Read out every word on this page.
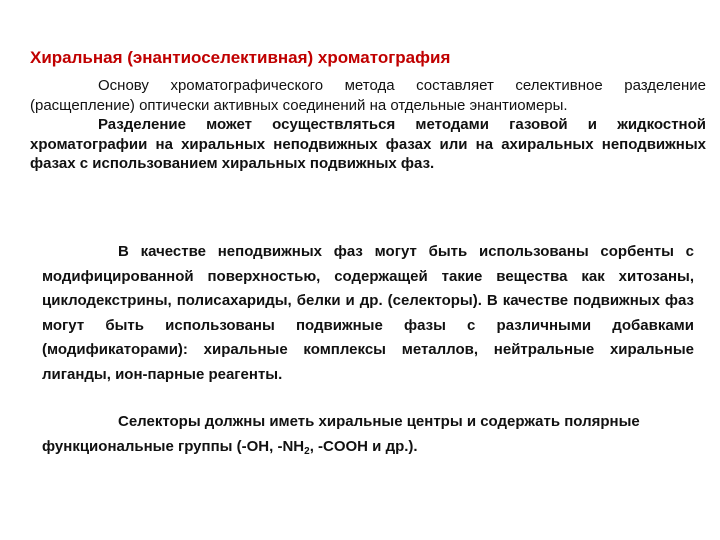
Хиральная (энантиоселективная) хроматография

Основу хроматографического метода составляет селективное разделение (расщепление) оптически активных соединений на отдельные энантиомеры.

Разделение может осуществляться методами газовой и жидкостной хроматографии на хиральных неподвижных фазах или на ахиральных неподвижных фазах с использованием хиральных подвижных фаз.

В качестве неподвижных фаз могут быть использованы сорбенты с модифицированной поверхностью, содержащей такие вещества как хитозаны, циклодекстрины, полисахариды, белки и др. (селекторы). В качестве подвижных фаз могут быть использованы подвижные фазы с различными добавками (модификаторами): хиральные комплексы металлов, нейтральные хиральные лиганды, ион-парные реагенты.

Селекторы должны иметь хиральные центры и содержать полярные функциональные группы (-OH, $-NH_2$, -COOH и др.).
